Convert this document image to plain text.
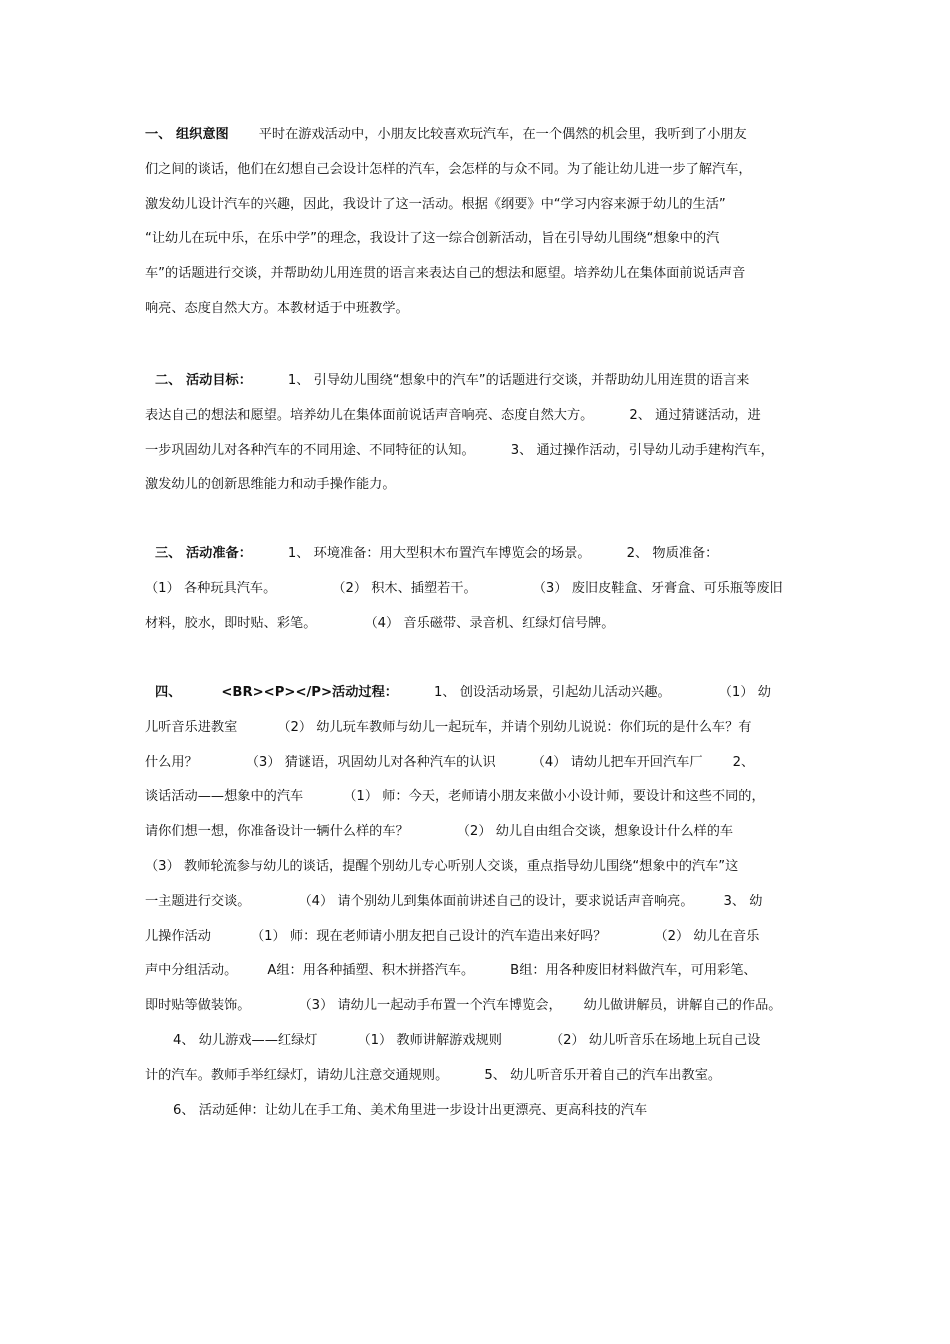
一、 组织意图 平时在游戏活动中，小朋友比较喜欢玩汽车，在一个偶然的机会里，我听到了小朋友
们之间的谈话，他们在幻想自己会设计怎样的汽车，会怎样的与众不同。为了能让幼儿进一步了解汽车，
激发幼儿设计汽车的兴趣，因此，我设计了这一活动。根据《纲要》中“学习内容来源于幼儿的生活”
“让幼儿在玩中乐，在乐中学”的理念，我设计了这一综合创新活动，旨在引导幼儿围绕“想象中的汽
车”的话题进行交谈，并帮助幼儿用连贯的语言来表达自己的想法和愿望。培养幼儿在集体面前说话声音
响亮、态度自然大方。本教材适于中班教学。
二、 活动目标：	1、 引导幼儿围绕“想象中的汽车”的话题进行交谈，并帮助幼儿用连贯的语言来
表达自己的想法和愿望。培养幼儿在集体面前说话声音响亮、态度自然大方。	2、 通过猜谜活动，进
一步巩固幼儿对各种汽车的不同用途、不同特征的认知。	3、 通过操作活动，引导幼儿动手建构汽车，
激发幼儿的创新思维能力和动手操作能力。
三、 活动准备：	1、 环境准备：用大型积木布置汽车博览会的场景。	2、 物质准备：
（1） 各种玩具汽车。	（2） 积木、插塑若干。	（3） 废旧皮鞋盒、牙膏盒、可乐瓶等废旧
材料，胶水，即时贴、彩笔。	（4） 音乐磁带、录音机、红绿灯信号牌。
四、	<BR><P></P>活动过程：	1、 创设活动场景，引起幼儿活动兴趣。	（1） 幼
儿听音乐进教室	（2） 幼儿玩车教师与幼儿一起玩车，并请个别幼儿说说：你们玩的是什么车？有
什么用？	（3） 猜谜语，巩固幼儿对各种汽车的认识	（4） 请幼儿把车开回汽车厂 2、
谈话活动——想象中的汽车	（1） 师：今天，老师请小朋友来做小小设计师，要设计和这些不同的，
请你们想一想，你准备设计一辆什么样的车？	（2） 幼儿自由组合交谈，想象设计什么样的车
（3） 教师轮流参与幼儿的谈话，提醒个别幼儿专心听别人交谈，重点指导幼儿围绕“想象中的汽车”这
一主题进行交谈。	（4） 请个别幼儿到集体面前讲述自己的设计，要求说话声音响亮。 3、 幼
儿操作活动	（1） 师：现在老师请小朋友把自己设计的汽车造出来好吗？	（2） 幼儿在音乐
声中分组活动。 A组：用各种插塑、积木拼搭汽车。	B组：用各种废旧材料做汽车，可用彩笔、
即时贴等做装饰。	（3） 请幼儿一起动手布置一个汽车博览会， 幼儿做讲解员，讲解自己的作品。
4、 幼儿游戏——红绿灯	（1） 教师讲解游戏规则	（2） 幼儿听音乐在场地上玩自己设
计的汽车。教师手举红绿灯，请幼儿注意交通规则。	5、 幼儿听音乐开着自己的汽车出教室。
6、 活动延伸：让幼儿在手工角、美术角里进一步设计出更漂亮、更高科技的汽车
